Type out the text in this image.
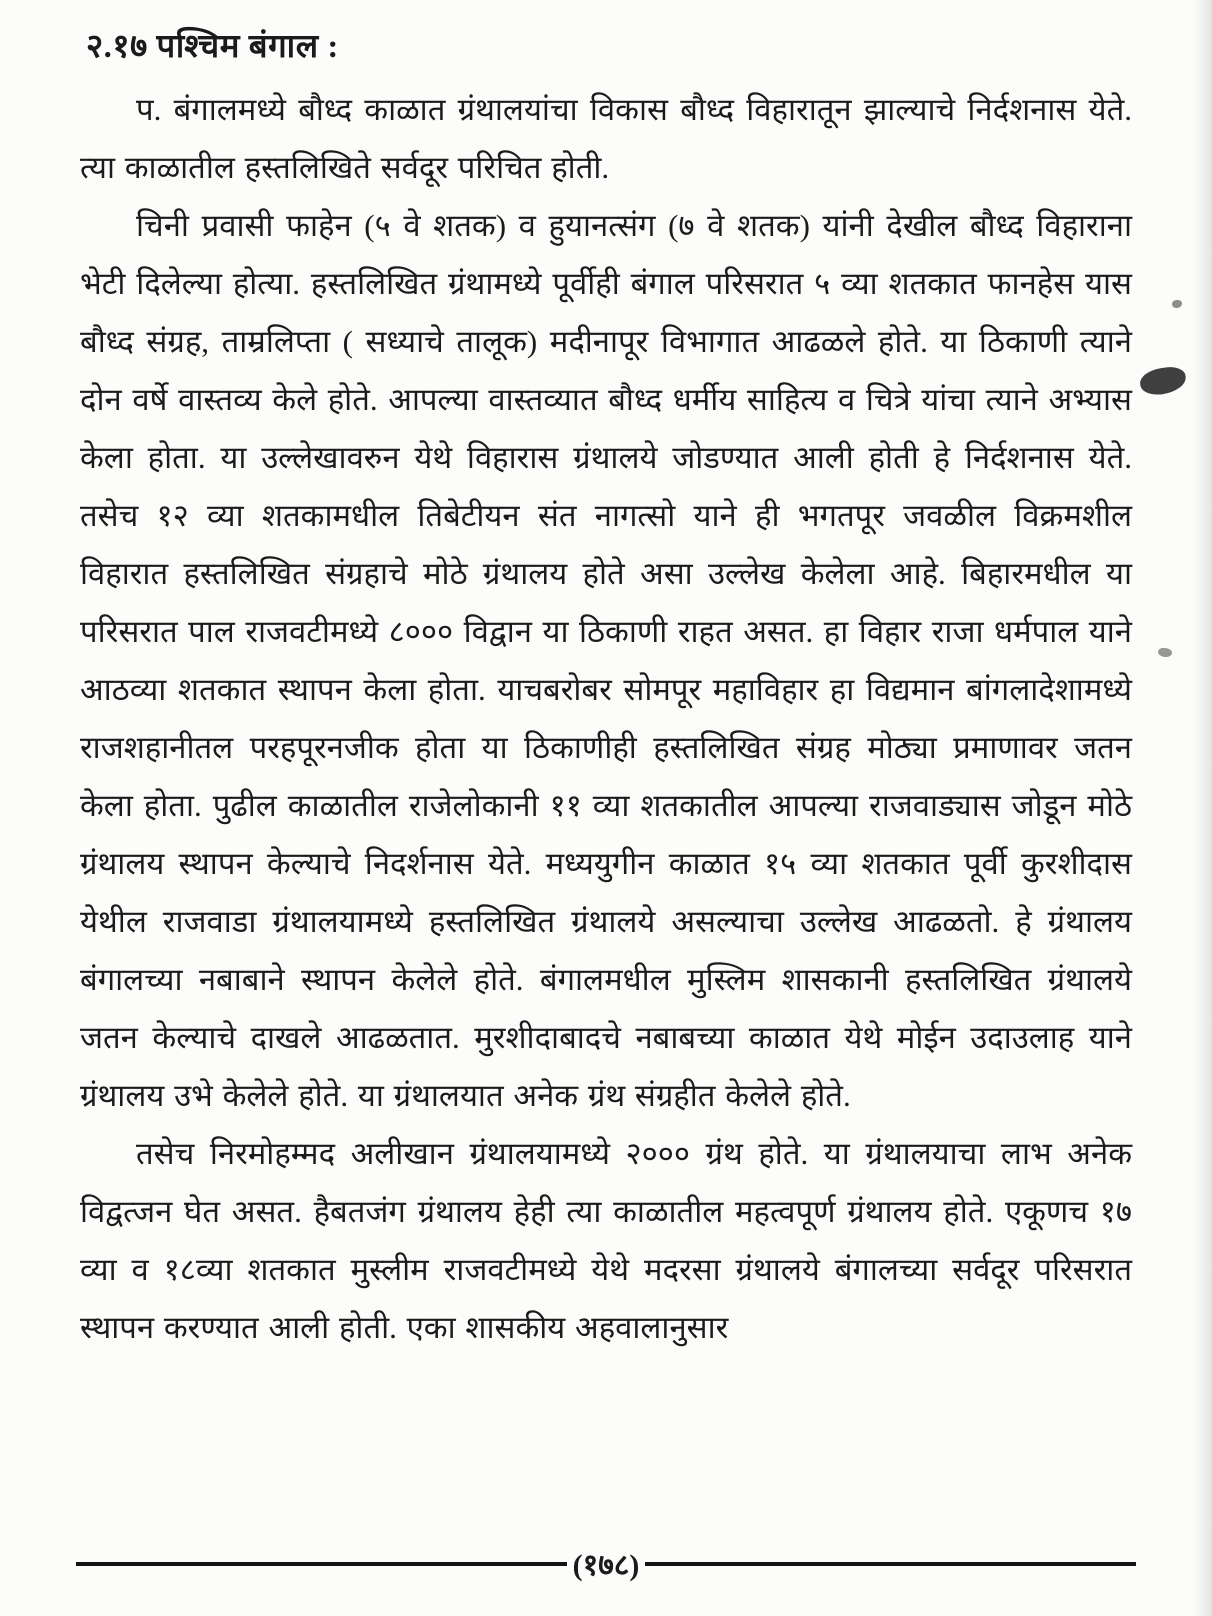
२.१७ पश्चिम बंगाल :

प. बंगालमध्ये बौध्द काळात ग्रंथालयांचा विकास बौध्द विहारातून झाल्याचे निर्दशनास येते. त्या काळातील हस्तलिखिते सर्वदूर परिचित होती.

चिनी प्रवासी फाहेन (५ वे शतक) व हुयानत्संग (७ वे शतक) यांनी देखील बौध्द विहाराना भेटी दिलेल्या होत्या. हस्तलिखित ग्रंथामध्ये पूर्वीही बंगाल परिसरात ५ व्या शतकात फानहेस यास बौध्द संग्रह, ताम्रलिप्ता ( सध्याचे तालूक) मदीनापूर विभागात आढळले होते. या ठिकाणी त्याने दोन वर्षे वास्तव्य केले होते. आपल्या वास्तव्यात बौध्द धर्मीय साहित्य व चित्रे यांचा त्याने अभ्यास केला होता. या उल्लेखावरुन येथे विहारास ग्रंथालये जोडण्यात आली होती हे निर्दशनास येते. तसेच १२ व्या शतकामधील तिबेटीयन संत नागत्सो याने ही भगतपूर जवळील विक्रमशील विहारात हस्तलिखित संग्रहाचे मोठे ग्रंथालय होते असा उल्लेख केलेला आहे. बिहारमधील या परिसरात पाल राजवटीमध्ये ८००० विद्वान या ठिकाणी राहत असत. हा विहार राजा धर्मपाल याने आठव्या शतकात स्थापन केला होता. याचबरोबर सोमपूर महाविहार हा विद्यमान बांगलादेशामध्ये राजशहानीतल परहपूरनजीक होता या ठिकाणीही हस्तलिखित संग्रह मोठ्या प्रमाणावर जतन केला होता. पुढील काळातील राजेलोकानी ११ व्या शतकातील आपल्या राजवाड्यास जोडून मोठे ग्रंथालय स्थापन केल्याचे निदर्शनास येते. मध्ययुगीन काळात १५ व्या शतकात पूर्वी कुरशीदास येथील राजवाडा ग्रंथालयामध्ये हस्तलिखित ग्रंथालये असल्याचा उल्लेख आढळतो. हे ग्रंथालय बंगालच्या नबाबाने स्थापन केलेले होते. बंगालमधील मुस्लिम शासकानी हस्तलिखित ग्रंथालये जतन केल्याचे दाखले आढळतात. मुरशीदाबादचे नबाबच्या काळात येथे मोईन उदाउलाह याने ग्रंथालय उभे केलेले होते. या ग्रंथालयात अनेक ग्रंथ संग्रहीत केलेले होते.

तसेच निरमोहम्मद अलीखान ग्रंथालयामध्ये २००० ग्रंथ होते. या ग्रंथालयाचा लाभ अनेक विद्वत्जन घेत असत. हैबतजंग ग्रंथालय हेही त्या काळातील महत्वपूर्ण ग्रंथालय होते. एकूणच १७ व्या व १८व्या शतकात मुस्लीम राजवटीमध्ये येथे मदरसा ग्रंथालये बंगालच्या सर्वदूर परिसरात स्थापन करण्यात आली होती. एका शासकीय अहवालानुसार

(१७८)
